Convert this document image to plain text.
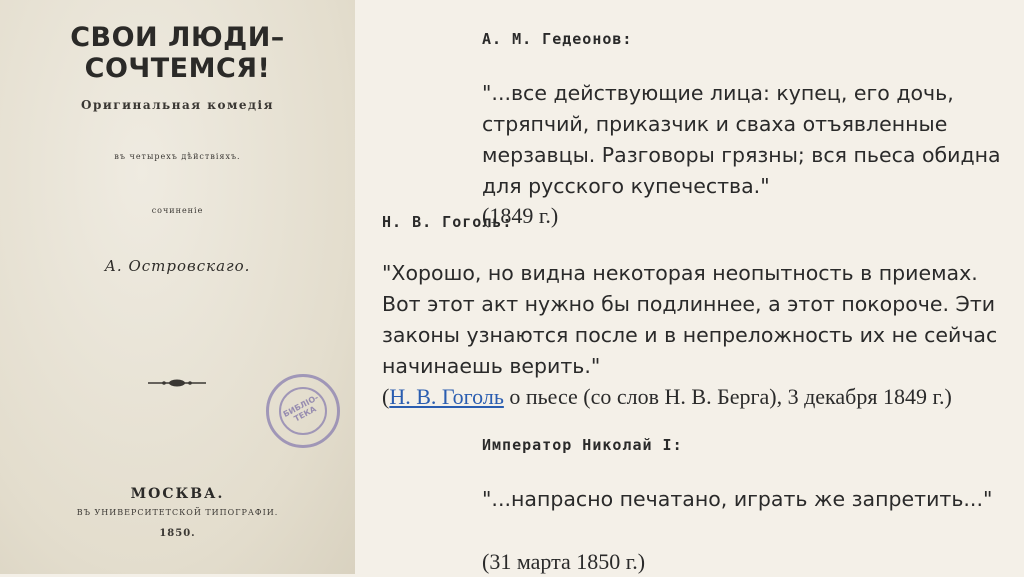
СВОИ ЛЮДИ–СОЧТЕМСЯ!
Оригинальная комедія
въ четырехъ дѣйствіяхъ.
сочиненіе
А. Островскаго.
БИБЛІО-
ТЕКА
МОСКВА.
ВЪ УНИВЕРСИТЕТСКОЙ ТИПОГРАФІИ.
1850.
А. М. Гедеонов:

"...все действующие лица: купец, его дочь, стряпчий, приказчик и сваха отъявленные мерзавцы. Разговоры грязны; вся пьеса обидна для русского купечества."

(1849 г.)
Н. В. Гоголь:

"Хорошо, но видна некоторая неопытность в приемах. Вот этот акт нужно бы подлиннее, а этот покороче. Эти законы узнаются после и в непреложность их не сейчас начинаешь верить."

(Н. В. Гоголь о пьесе (со слов Н. В. Берга), 3 декабря 1849 г.)

Император Николай I:

"...напрасно печатано, играть же запретить..."

(31 марта 1850 г.)
